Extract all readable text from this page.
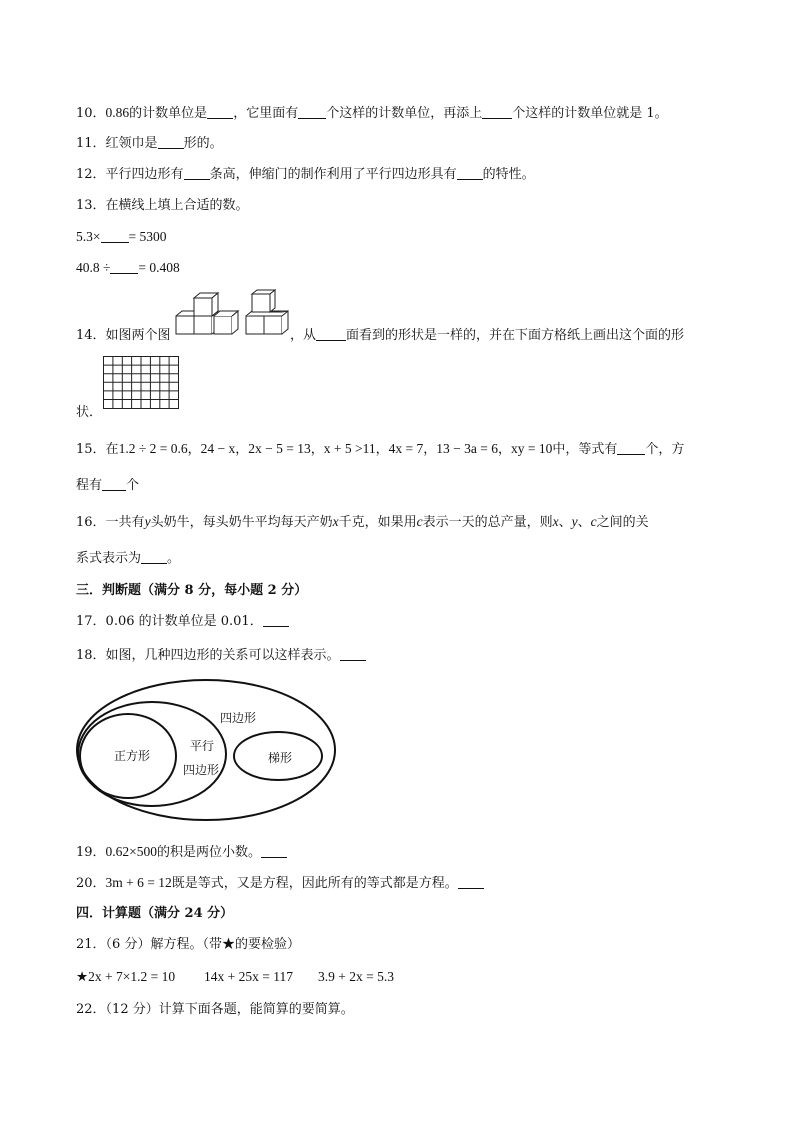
10．0.86的计数单位是 ，它里面有 个这样的计数单位，再添上 个这样的计数单位就是 1。
11．红领巾是 形的。
12．平行四边形有 条高，伸缩门的制作利用了平行四边形具有 的特性。
13．在横线上填上合适的数。
5.3× = 5300
40.8 ÷ = 0.408
14．如图两个图	，从 面看到的形状是一样的，并在下面方格纸上画出这个面的形
状．
15．在1.2 ÷ 2 = 0.6，24 − x，2x − 5 = 13，x + 5 >11，4x = 7，13 − 3a = 6，xy = 10中，等式有 个，方
程有 个
16．一共有y头奶牛，每头奶牛平均每天产奶x千克，如果用c表示一天的总产量，则x、y、c之间的关
系式表示为 。
三．判断题（满分 8 分，每小题 2 分）
17．0.06 的计数单位是 0.01．
18．如图，几种四边形的关系可以这样表示。
四边形
平行
四边形
正方形	梯形
19．0.62×500的积是两位小数。
20．3m + 6 = 12既是等式，又是方程，因此所有的等式都是方程。
四．计算题（满分 24 分）
21．（6 分）解方程。（带★的要检验）
★2x + 7×1.2 = 10 14x + 25x = 117 3.9 + 2x = 5.3
22．（12 分）计算下面各题，能简算的要简算。
